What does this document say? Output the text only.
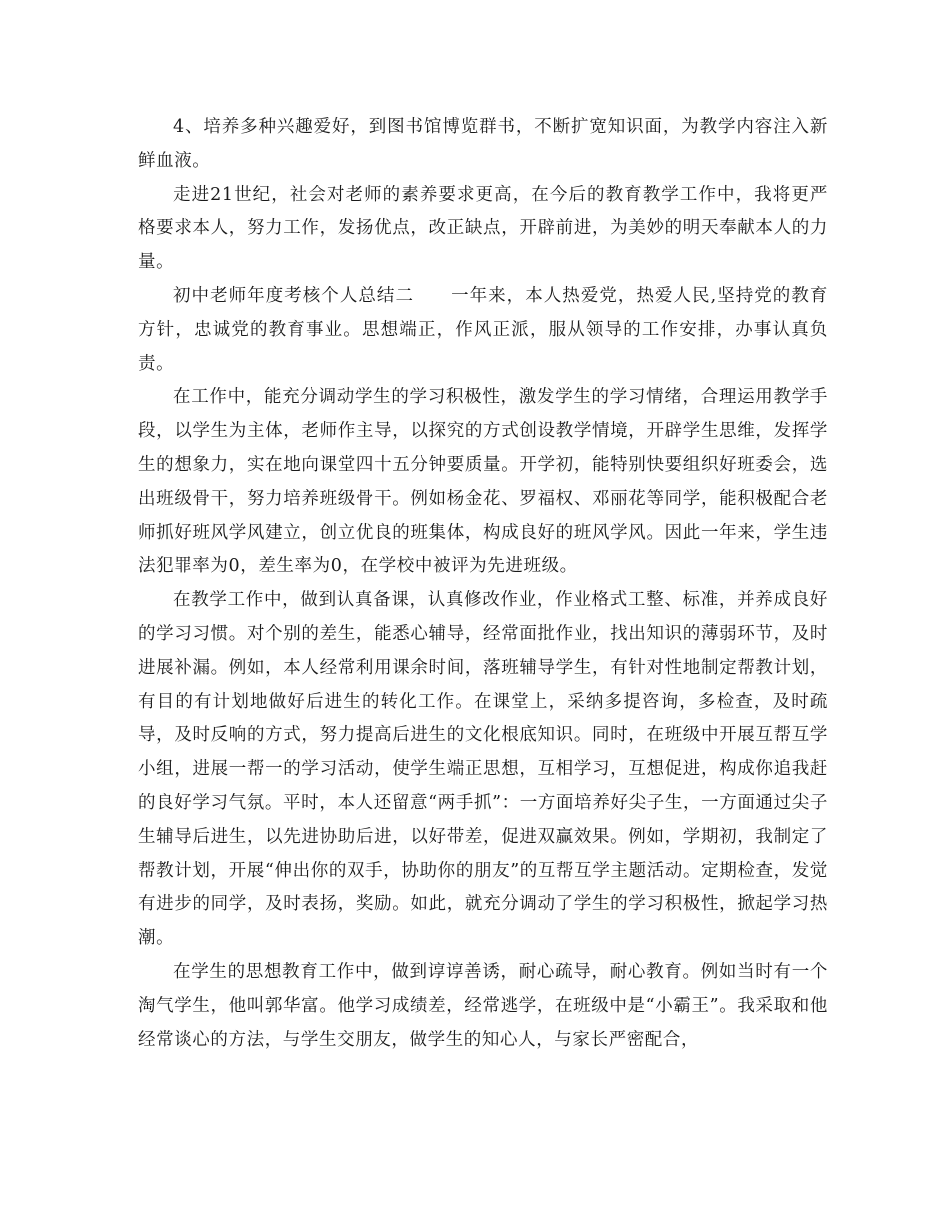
4、培养多种兴趣爱好，到图书馆博览群书，不断扩宽知识面，为教学内容注入新鲜血液。

走进21世纪，社会对老师的素养要求更高，在今后的教育教学工作中，我将更严格要求本人，努力工作，发扬优点，改正缺点，开辟前进，为美妙的明天奉献本人的力量。

初中老师年度考核个人总结二　　一年来，本人热爱党，热爱人民,坚持党的教育方针，忠诚党的教育事业。思想端正，作风正派，服从领导的工作安排，办事认真负责。

在工作中，能充分调动学生的学习积极性，激发学生的学习情绪，合理运用教学手段，以学生为主体，老师作主导，以探究的方式创设教学情境，开辟学生思维，发挥学生的想象力，实在地向课堂四十五分钟要质量。开学初，能特别快要组织好班委会，选出班级骨干，努力培养班级骨干。例如杨金花、罗福权、邓丽花等同学，能积极配合老师抓好班风学风建立，创立优良的班集体，构成良好的班风学风。因此一年来，学生违法犯罪率为0，差生率为0，在学校中被评为先进班级。

在教学工作中，做到认真备课，认真修改作业，作业格式工整、标准，并养成良好的学习习惯。对个别的差生，能悉心辅导，经常面批作业，找出知识的薄弱环节，及时进展补漏。例如，本人经常利用课余时间，落班辅导学生，有针对性地制定帮教计划，有目的有计划地做好后进生的转化工作。在课堂上，采纳多提咨询，多检查，及时疏导，及时反响的方式，努力提高后进生的文化根底知识。同时，在班级中开展互帮互学小组，进展一帮一的学习活动，使学生端正思想，互相学习，互想促进，构成你追我赶的良好学习气氛。平时，本人还留意“两手抓”：一方面培养好尖子生，一方面通过尖子生辅导后进生，以先进协助后进，以好带差，促进双赢效果。例如，学期初，我制定了帮教计划，开展“伸出你的双手，协助你的朋友”的互帮互学主题活动。定期检查，发觉有进步的同学，及时表扬，奖励。如此，就充分调动了学生的学习积极性，掀起学习热潮。

在学生的思想教育工作中，做到谆谆善诱，耐心疏导，耐心教育。例如当时有一个淘气学生，他叫郭华富。他学习成绩差，经常逃学，在班级中是“小霸王”。我采取和他经常谈心的方法，与学生交朋友，做学生的知心人，与家长严密配合，
